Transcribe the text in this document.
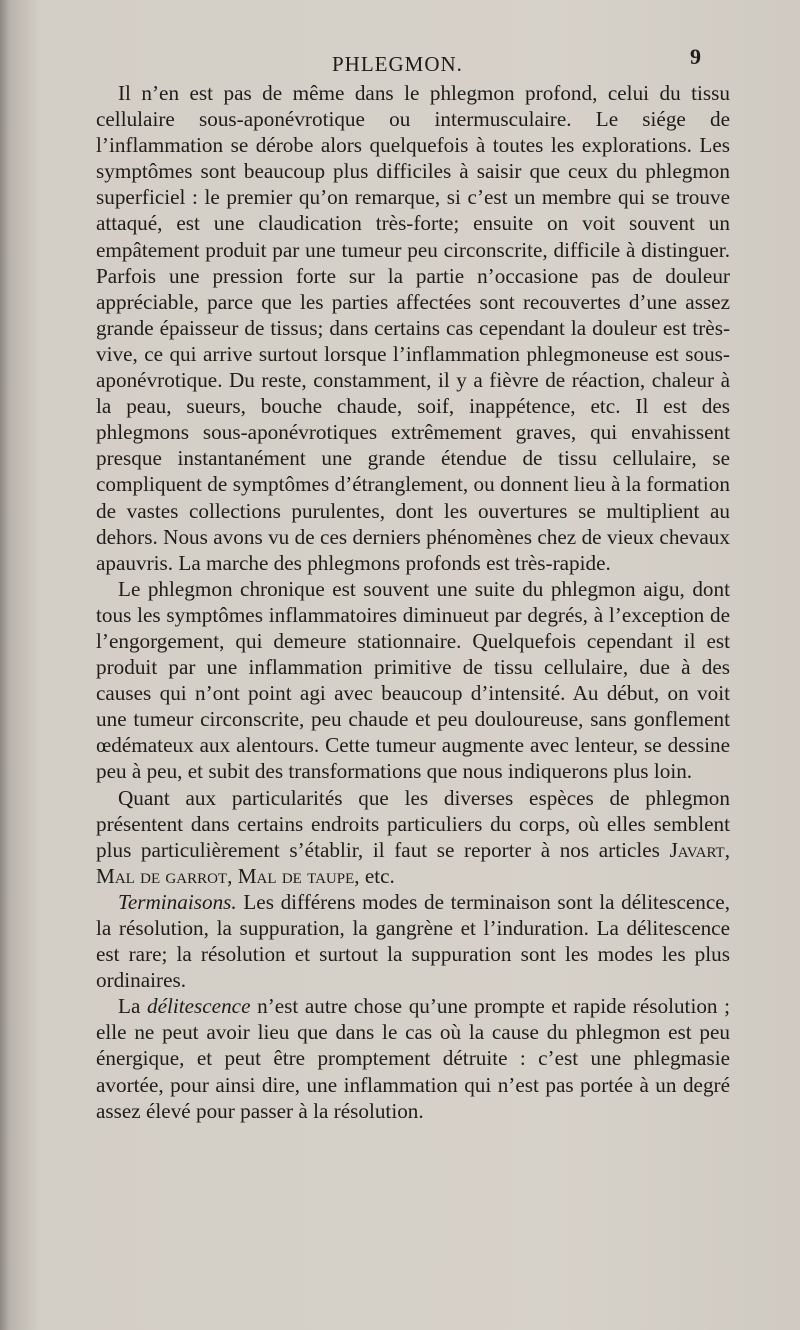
PHLEGMON.	9

Il n’en est pas de même dans le phlegmon profond, celui du tissu cellulaire sous-aponévrotique ou intermusculaire. Le siége de l’inflammation se dérobe alors quelquefois à toutes les explorations. Les symptômes sont beaucoup plus difficiles à saisir que ceux du phlegmon superficiel : le premier qu’on remarque, si c’est un membre qui se trouve attaqué, est une claudication très-forte; ensuite on voit souvent un empâtement produit par une tumeur peu circonscrite, difficile à distinguer. Parfois une pression forte sur la partie n’occasione pas de douleur appréciable, parce que les parties affectées sont recouvertes d’une assez grande épaisseur de tissus; dans certains cas cependant la douleur est très-vive, ce qui arrive surtout lorsque l’inflammation phlegmoneuse est sous-aponévrotique. Du reste, constamment, il y a fièvre de réaction, chaleur à la peau, sueurs, bouche chaude, soif, inappétence, etc. Il est des phlegmons sous-aponévrotiques extrêmement graves, qui envahissent presque instantanément une grande étendue de tissu cellulaire, se compliquent de symptômes d’étranglement, ou donnent lieu à la formation de vastes collections purulentes, dont les ouvertures se multiplient au dehors. Nous avons vu de ces derniers phénomènes chez de vieux chevaux apauvris. La marche des phlegmons profonds est très-rapide.

Le phlegmon chronique est souvent une suite du phlegmon aigu, dont tous les symptômes inflammatoires diminueut par degrés, à l’exception de l’engorgement, qui demeure stationnaire. Quelquefois cependant il est produit par une inflammation primitive de tissu cellulaire, due à des causes qui n’ont point agi avec beaucoup d’intensité. Au début, on voit une tumeur circonscrite, peu chaude et peu douloureuse, sans gonflement œdémateux aux alentours. Cette tumeur augmente avec lenteur, se dessine peu à peu, et subit des transformations que nous indiquerons plus loin.

Quant aux particularités que les diverses espèces de phlegmon présentent dans certains endroits particuliers du corps, où elles semblent plus particulièrement s’établir, il faut se reporter à nos articles Javart, Mal de garrot, Mal de taupe, etc.

Terminaisons. Les différens modes de terminaison sont la délitescence, la résolution, la suppuration, la gangrène et l’induration. La délitescence est rare; la résolution et surtout la suppuration sont les modes les plus ordinaires.

La délitescence n’est autre chose qu’une prompte et rapide résolution ; elle ne peut avoir lieu que dans le cas où la cause du phlegmon est peu énergique, et peut être promptement détruite : c’est une phlegmasie avortée, pour ainsi dire, une inflammation qui n’est pas portée à un degré assez élevé pour passer à la résolution.
